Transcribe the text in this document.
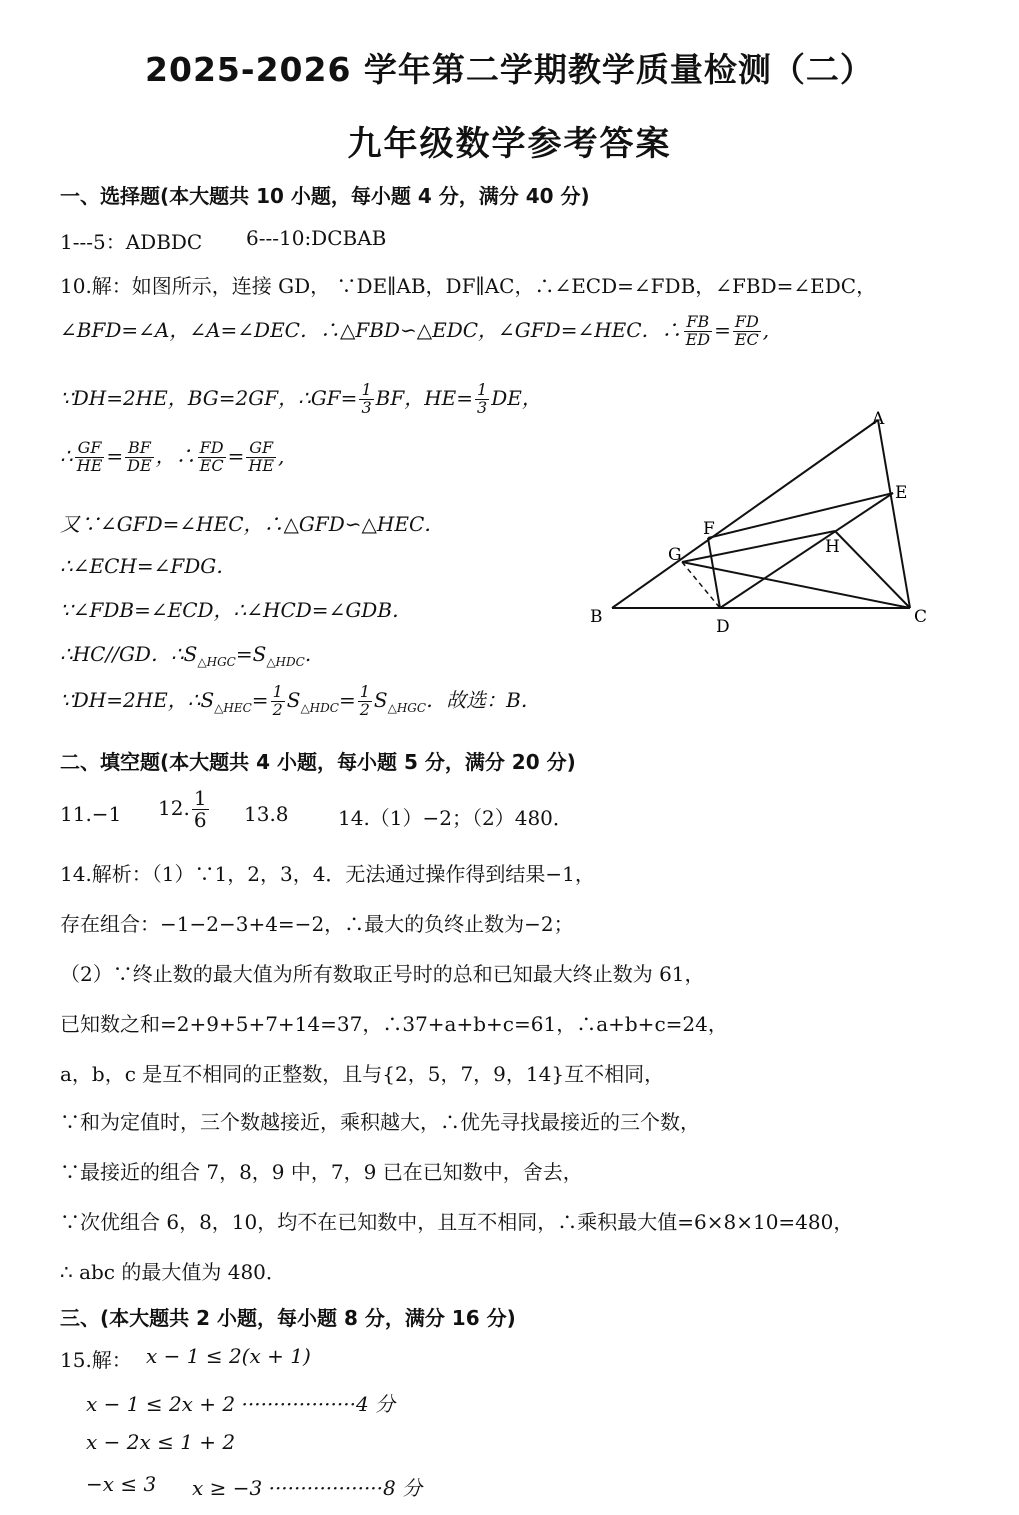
2025-2026 学年第二学期教学质量检测（二）
九年级数学参考答案
一、选择题(本大题共 10 小题，每小题 4 分，满分 40 分)
1---5：ADBDC 6---10:DCBAB
10.解：如图所示，连接 GD， ∵DE∥AB，DF∥AC，∴∠ECD=∠FDB，∠FBD=∠EDC，
∠BFD=∠A，∠A=∠DEC．∴△FBD∽△EDC，∠GFD=∠HEC．∴ $\frac{FB}{ED} = \frac{FD}{EC}$ ,
∵DH=2HE，BG=2GF，∴GF= $\frac{1}{3}$ BF，$HE= \frac{1}{3}$ DE，
∴ $\frac{GF}{HE} = \frac{BF}{DE}$ ，∴ $\frac{FD}{EC} = \frac{GF}{HE}$ ,
又∵∠GFD=∠HEC，∴△GFD∽△HEC．
∴∠ECH=∠FDG．
∵∠FDB=∠ECD，∴∠HCD=∠GDB．
∴HC//GD．$\therefore S_{\triangle HGC}=S_{\triangle HDC}$.
∵DH=2HE，$\therefore S_{\triangle HEC}= \frac{1}{2} S_{\triangle HDC}= \frac{1}{2} S_{\triangle HGC}$．故选：B．
A
E
F
G	H
B	C
D
二、填空题(本大题共 4 小题，每小题 5 分，满分 20 分)
11.−1 12. $\frac{1}{6} 13.8$ 14.（1）−2；（2）480．
14.解析：（1）∵1，2，3，4．无法通过操作得到结果−1，
存在组合：−1−2−3+4=−2，∴最大的负终止数为−2；
（2）∵终止数的最大值为所有数取正号时的总和已知最大终止数为 61，
已知数之和=2+9+5+7+14=37，∴37+a+b+c=61，∴a+b+c=24，
a，b，c 是互不相同的正整数，且与{2，5，7，9，14}互不相同，
∵和为定值时，三个数越接近，乘积越大，∴优先寻找最接近的三个数，
∵最接近的组合 7，8，9 中，7，9 已在已知数中，舍去，
∵次优组合 6，8，10，均不在已知数中，且互不相同，∴乘积最大值=6×8×10=480，
∴ abc 的最大值为 480．
三、(本大题共 2 小题，每小题 8 分，满分 16 分)
15.解： x − 1 ≤ 2(x + 1)
x − 1 ≤ 2x + 2 ··················4 分
x − 2x ≤ 1 + 2
−x ≤ 3 x ≥ −3 ··················8 分
